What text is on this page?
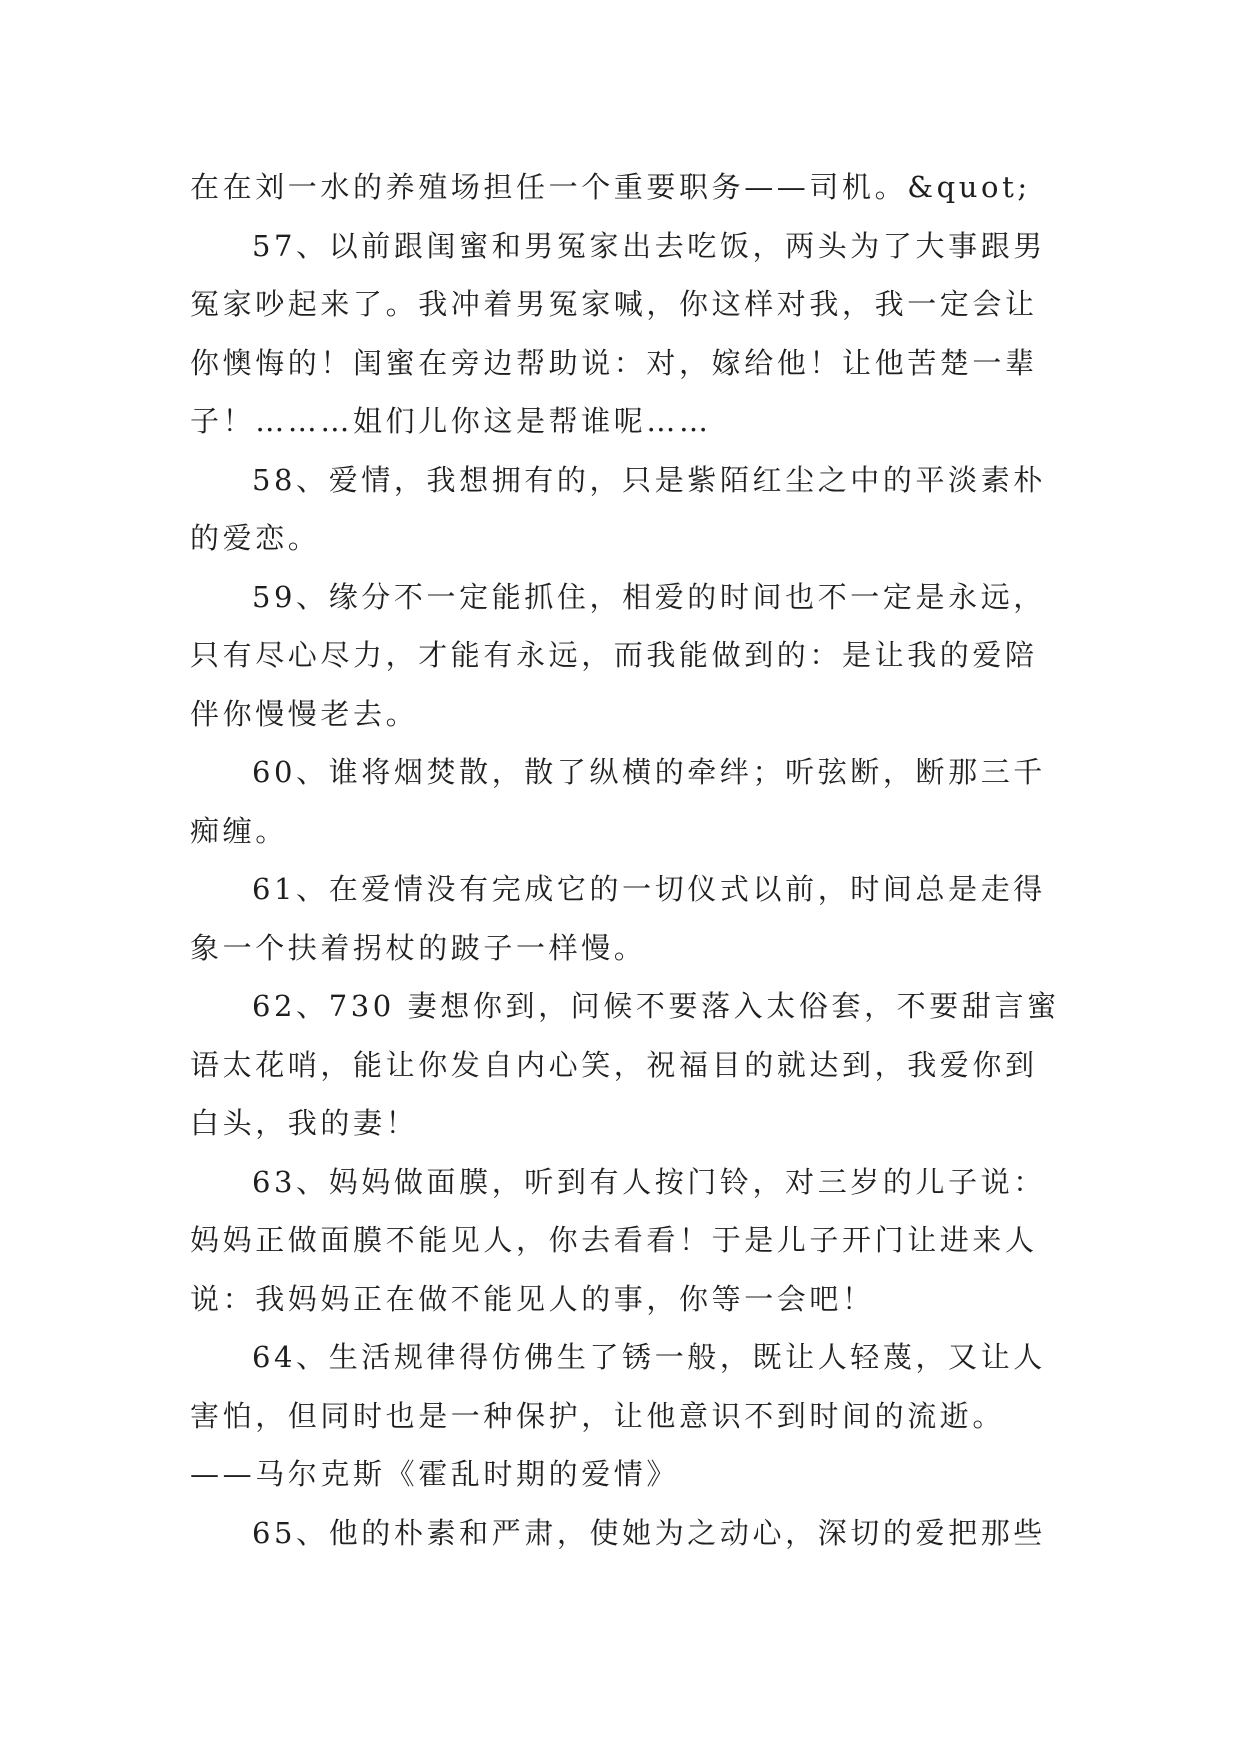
在在刘一水的养殖场担任一个重要职务——司机。&quot;
57、以前跟闺蜜和男冤家出去吃饭，两头为了大事跟男
冤家吵起来了。我冲着男冤家喊，你这样对我，我一定会让
你懊悔的！闺蜜在旁边帮助说：对，嫁给他！让他苦楚一辈
子！………姐们儿你这是帮谁呢……
58、爱情，我想拥有的，只是紫陌红尘之中的平淡素朴
的爱恋。
59、缘分不一定能抓住，相爱的时间也不一定是永远，
只有尽心尽力，才能有永远，而我能做到的：是让我的爱陪
伴你慢慢老去。
60、谁将烟焚散，散了纵横的牵绊；听弦断，断那三千
痴缠。
61、在爱情没有完成它的一切仪式以前，时间总是走得
象一个扶着拐杖的跛子一样慢。
62、730 妻想你到，问候不要落入太俗套，不要甜言蜜
语太花哨，能让你发自内心笑，祝福目的就达到，我爱你到
白头，我的妻！
63、妈妈做面膜，听到有人按门铃，对三岁的儿子说：
妈妈正做面膜不能见人，你去看看！于是儿子开门让进来人
说：我妈妈正在做不能见人的事，你等一会吧！
64、生活规律得仿佛生了锈一般，既让人轻蔑，又让人
害怕，但同时也是一种保护，让他意识不到时间的流逝。
——马尔克斯《霍乱时期的爱情》
65、他的朴素和严肃，使她为之动心，深切的爱把那些
